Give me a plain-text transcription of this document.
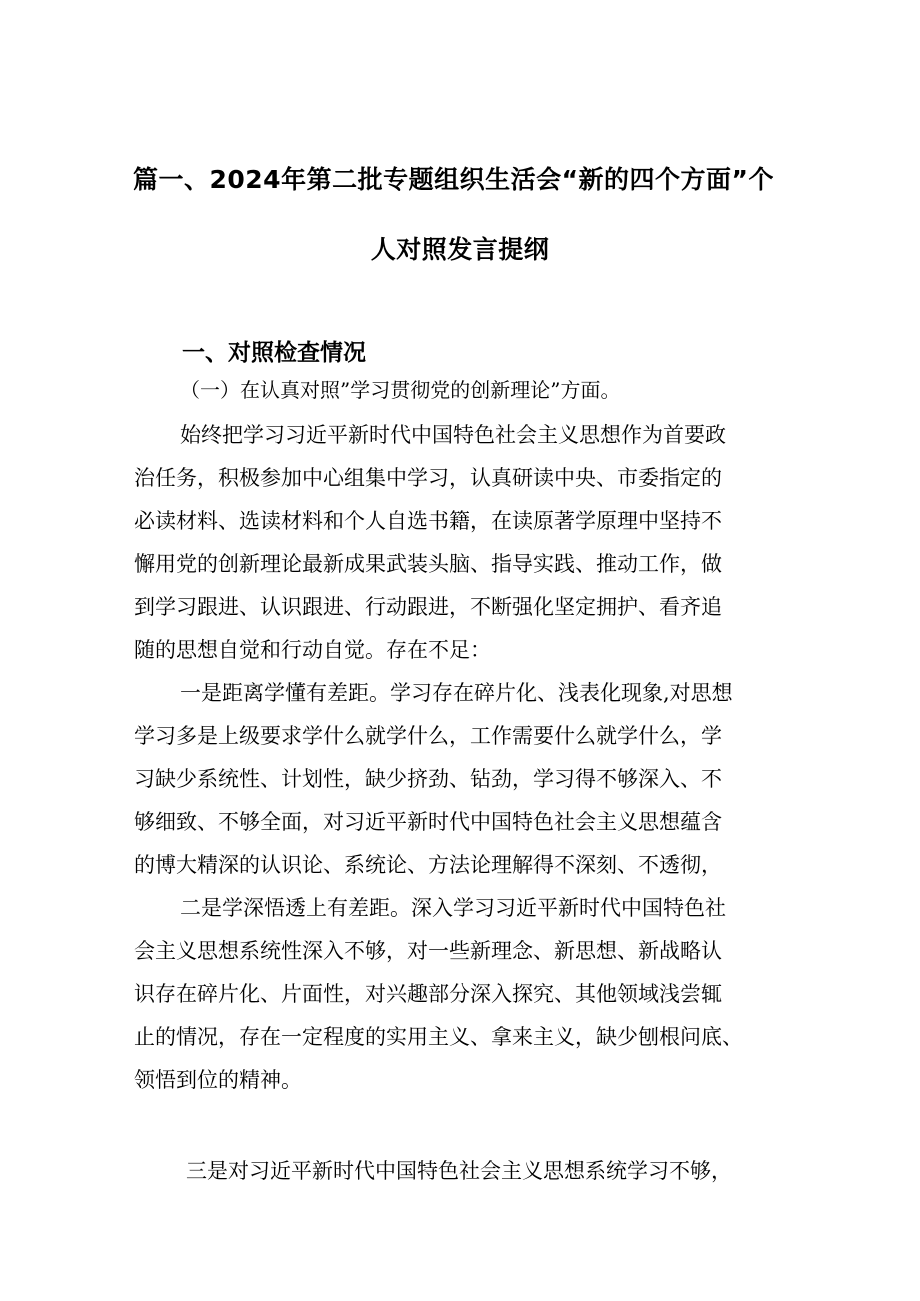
篇一、2024年第二批专题组织生活会“新的四个方面”个
人对照发言提纲
一、对照检查情况
（一）在认真对照”学习贯彻党的创新理论”方面。
始终把学习习近平新时代中国特色社会主义思想作为首要政
治任务，积极参加中心组集中学习，认真研读中央、市委指定的
必读材料、选读材料和个人自选书籍，在读原著学原理中坚持不
懈用党的创新理论最新成果武装头脑、指导实践、推动工作，做
到学习跟进、认识跟进、行动跟进，不断强化坚定拥护、看齐追
随的思想自觉和行动自觉。存在不足：
一是距离学懂有差距。学习存在碎片化、浅表化现象,对思想
学习多是上级要求学什么就学什么，工作需要什么就学什么，学
习缺少系统性、计划性，缺少挤劲、钻劲，学习得不够深入、不
够细致、不够全面，对习近平新时代中国特色社会主义思想蕴含
的博大精深的认识论、系统论、方法论理解得不深刻、不透彻，
二是学深悟透上有差距。深入学习习近平新时代中国特色社
会主义思想系统性深入不够，对一些新理念、新思想、新战略认
识存在碎片化、片面性，对兴趣部分深入探究、其他领域浅尝辄
止的情况，存在一定程度的实用主义、拿来主义，缺少刨根问底、
领悟到位的精神。
三是对习近平新时代中国特色社会主义思想系统学习不够，
